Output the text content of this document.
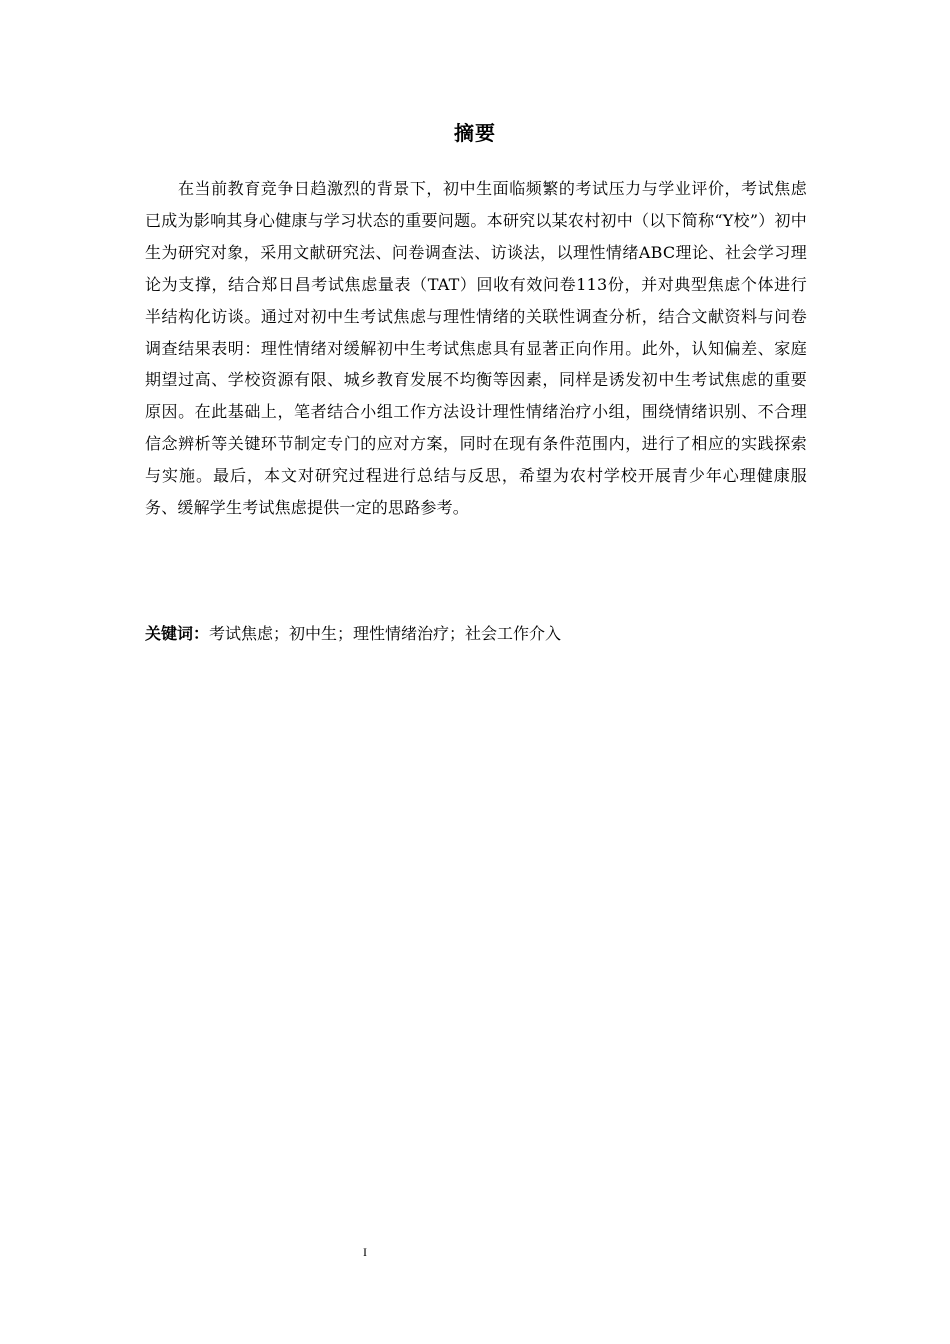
摘要

在当前教育竞争日趋激烈的背景下，初中生面临频繁的考试压力与学业评价，考试焦虑已成为影响其身心健康与学习状态的重要问题。本研究以某农村初中（以下简称“Y校”）初中生为研究对象，采用文献研究法、问卷调查法、访谈法，以理性情绪ABC理论、社会学习理论为支撑，结合郑日昌考试焦虑量表（TAT）回收有效问卷113份，并对典型焦虑个体进行半结构化访谈。通过对初中生考试焦虑与理性情绪的关联性调查分析，结合文献资料与问卷调查结果表明：理性情绪对缓解初中生考试焦虑具有显著正向作用。此外，认知偏差、家庭期望过高、学校资源有限、城乡教育发展不均衡等因素，同样是诱发初中生考试焦虑的重要原因。在此基础上，笔者结合小组工作方法设计理性情绪治疗小组，围绕情绪识别、不合理信念辨析等关键环节制定专门的应对方案，同时在现有条件范围内，进行了相应的实践探索与实施。最后，本文对研究过程进行总结与反思，希望为农村学校开展青少年心理健康服务、缓解学生考试焦虑提供一定的思路参考。

关键词：考试焦虑；初中生；理性情绪治疗；社会工作介入

I
